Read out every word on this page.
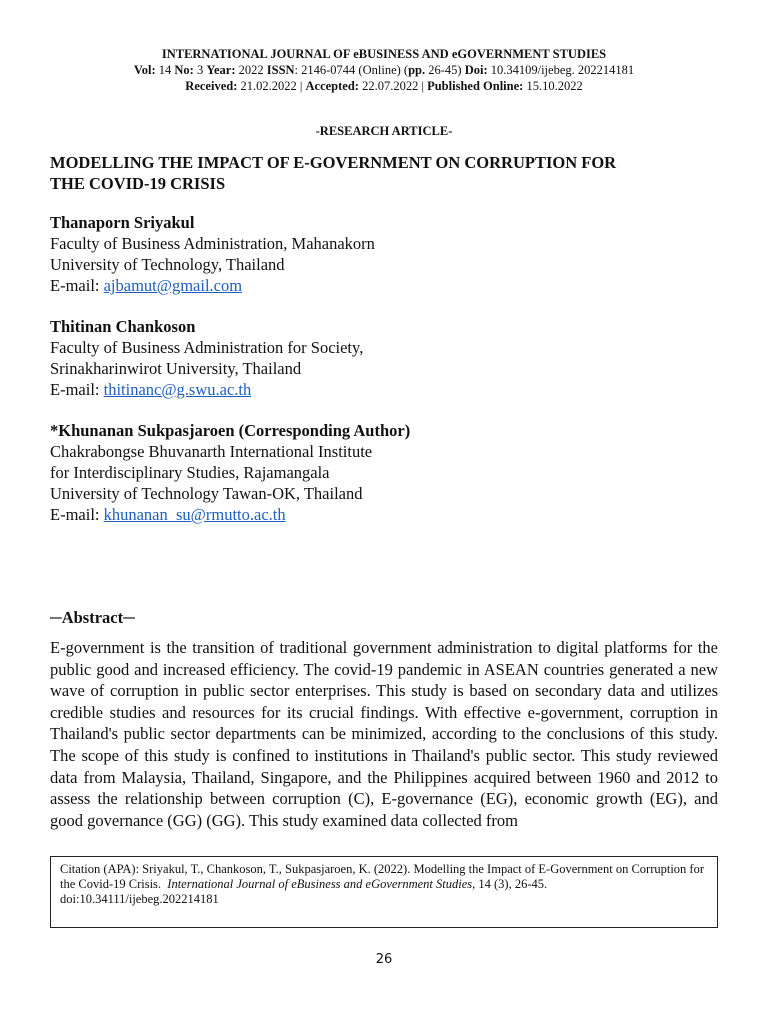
INTERNATIONAL JOURNAL OF eBUSINESS AND eGOVERNMENT STUDIES
Vol: 14 No: 3 Year: 2022 ISSN: 2146-0744 (Online) (pp. 26-45) Doi: 10.34109/ijebeg. 202214181
Received: 21.02.2022 | Accepted: 22.07.2022 | Published Online: 15.10.2022
-RESEARCH ARTICLE-
MODELLING THE IMPACT OF E-GOVERNMENT ON CORRUPTION FOR
THE COVID-19 CRISIS
Thanaporn Sriyakul
Faculty of Business Administration, Mahanakorn
University of Technology, Thailand
E-mail: ajbamut@gmail.com
Thitinan Chankoson
Faculty of Business Administration for Society,
Srinakharinwirot University, Thailand
E-mail: thitinanc@g.swu.ac.th
*Khunanan Sukpasjaroen (Corresponding Author)
Chakrabongse Bhuvanarth International Institute
for Interdisciplinary Studies, Rajamangala
University of Technology Tawan-OK, Thailand
E-mail: khunanan_su@rmutto.ac.th
─Abstract─

E-government is the transition of traditional government administration to digital platforms for the public good and increased efficiency. The covid-19 pandemic in ASEAN countries generated a new wave of corruption in public sector enterprises. This study is based on secondary data and utilizes credible studies and resources for its crucial findings. With effective e-government, corruption in Thailand's public sector departments can be minimized, according to the conclusions of this study. The scope of this study is confined to institutions in Thailand's public sector. This study reviewed data from Malaysia, Thailand, Singapore, and the Philippines acquired between 1960 and 2012 to assess the relationship between corruption (C), E-governance (EG), economic growth (EG), and good governance (GG) (GG). This study examined data collected from

Citation (APA): Sriyakul, T., Chankoson, T., Sukpasjaroen, K. (2022). Modelling the Impact of E-Government on Corruption for the Covid-19 Crisis. International Journal of eBusiness and eGovernment Studies, 14 (3), 26-45.
doi:10.34111/ijebeg.202214181
26
